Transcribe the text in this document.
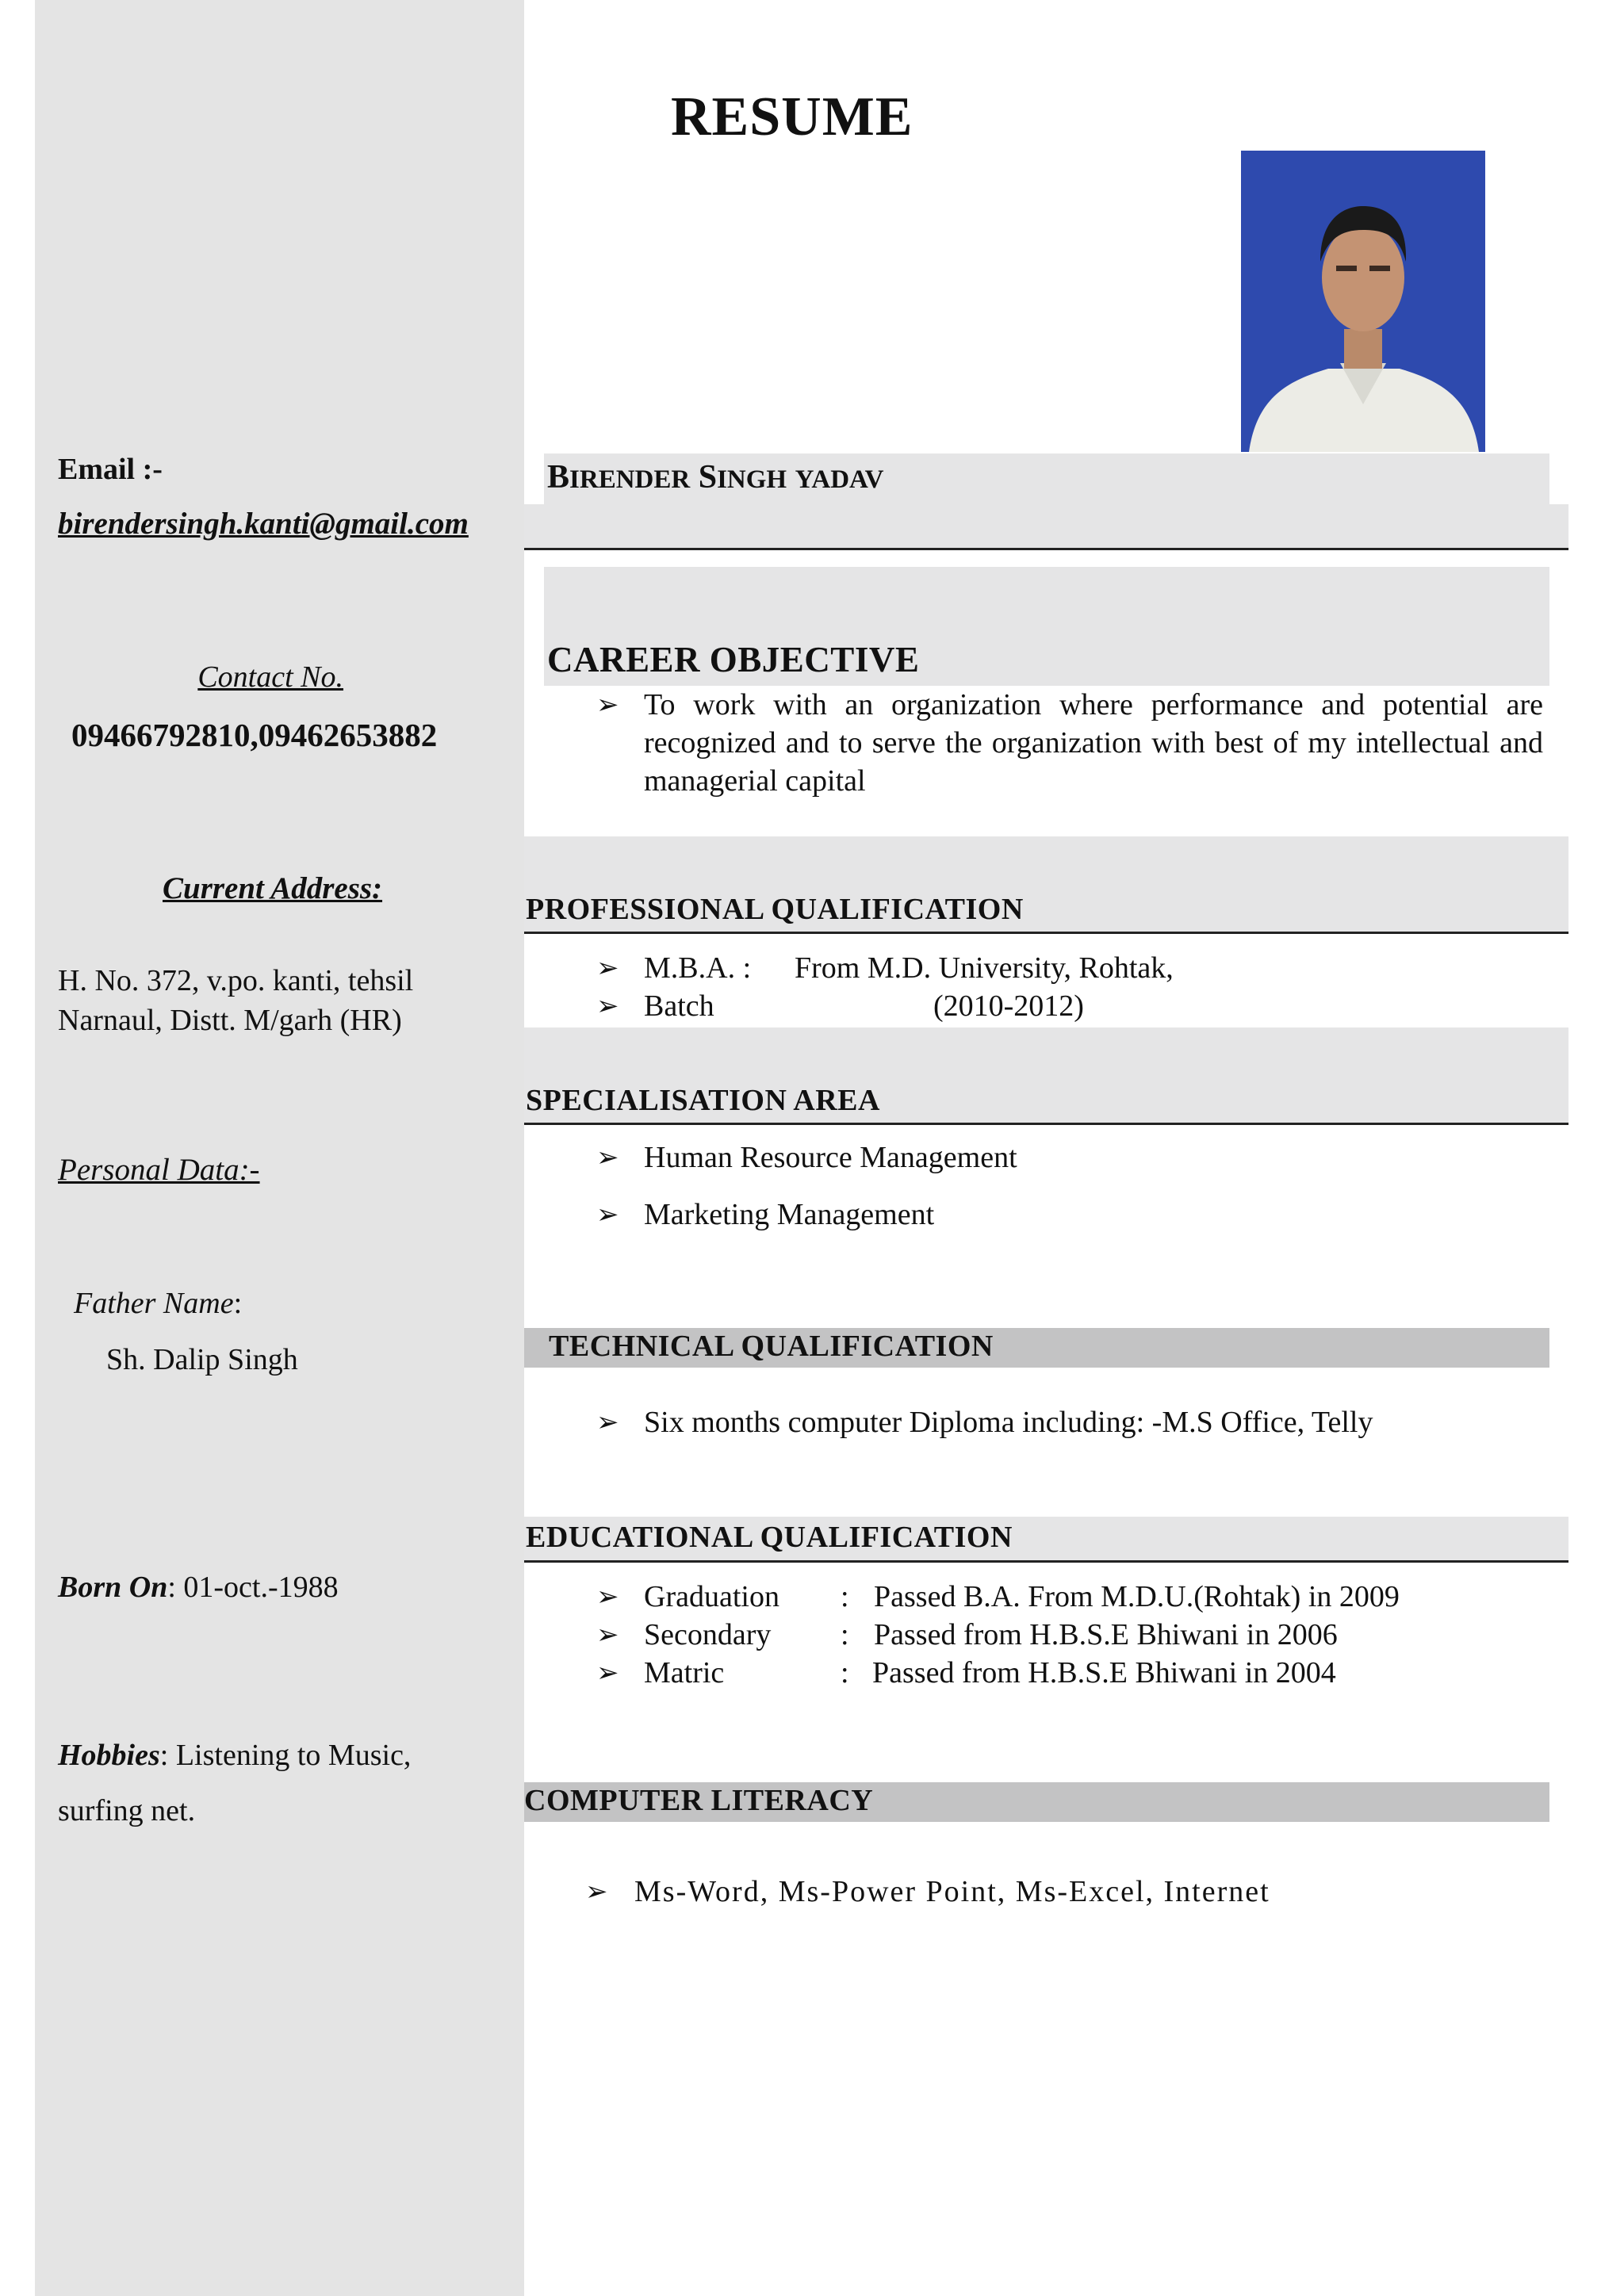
Email :-
birendersingh.kanti@gmail.com
Contact No.
09466792810,09462653882
Current Address:
H. No. 372, v.po. kanti, tehsil
Narnaul, Distt. M/garh (HR)
Personal Data:-
Father Name:
Sh. Dalip Singh
Born On: 01-oct.-1988
Hobbies: Listening to Music,
surfing net.
RESUME
BIRENDER SINGH YADAV
CAREER OBJECTIVE
➢ To work with an organization where performance and potential are recognized and to serve the organization with best of my intellectual and managerial capital
PROFESSIONAL QUALIFICATION
➢ M.B.A. : From M.D. University, Rohtak,
➢ Batch	(2010-2012)
SPECIALISATION AREA
➢ Human Resource Management
➢ Marketing Management
TECHNICAL QUALIFICATION
➢ Six months computer Diploma including: -M.S Office, Telly
EDUCATIONAL QUALIFICATION
➢ Graduation : Passed B.A. From M.D.U.(Rohtak) in 2009
➢ Secondary : Passed from H.B.S.E Bhiwani in 2006
➢ Matric	: Passed from H.B.S.E Bhiwani in 2004
COMPUTER LITERACY
➢ Ms-Word, Ms-Power Point, Ms-Excel, Internet
